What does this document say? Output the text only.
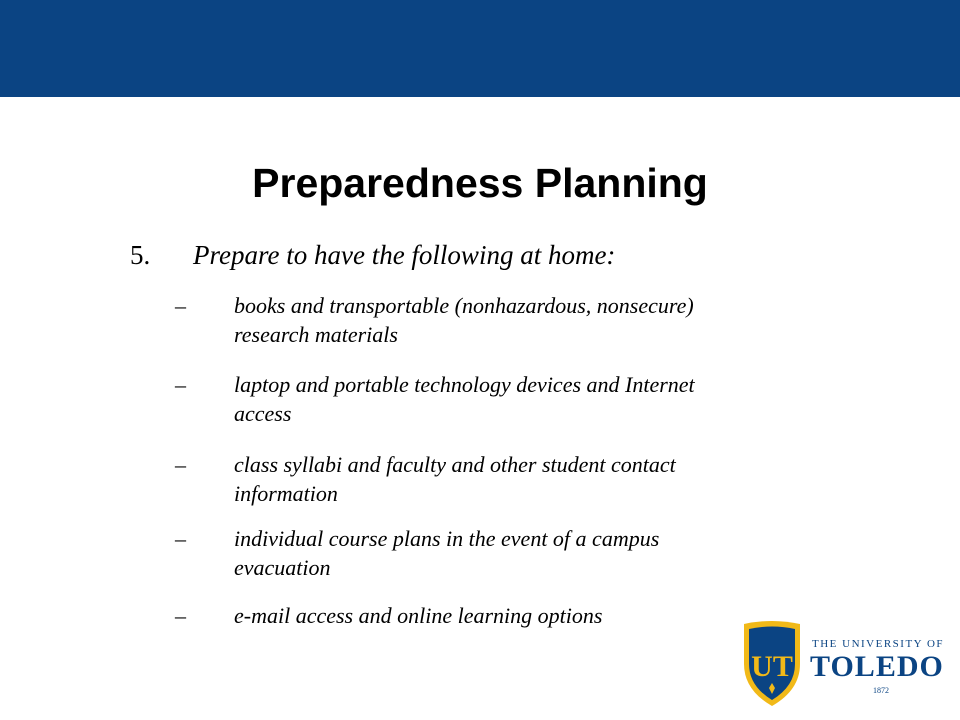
Preparedness Planning
5. Prepare to have the following at home:
– books and transportable (nonhazardous, nonsecure)
research materials
– laptop and portable technology devices and Internet
access
– class syllabi and faculty and other student contact
information
– individual course plans in the event of a campus
evacuation
– e-mail access and online learning options
UT
THE UNIVERSITY OF
TOLEDO
1872
